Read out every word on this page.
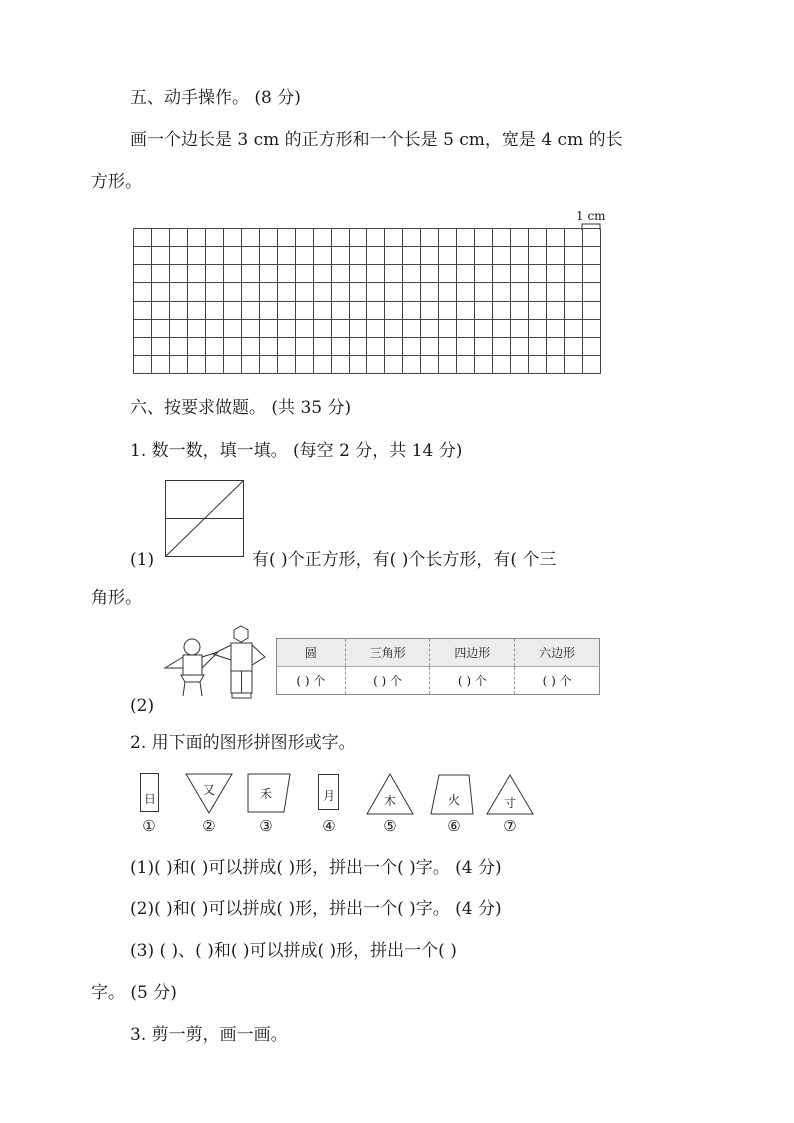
五、动手操作。 (8 分)
画一个边长是 3 cm 的正方形和一个长是 5 cm，宽是 4 cm 的长
方形。
1 cm
六、按要求做题。 (共 35 分)
1. 数一数，填一填。 (每空 2 分，共 14 分)
(1)	有( )个正方形，有( )个长方形，有( 个三
角形。
(2)
圆	三角形	四边形	六边形
( ) 个	( ) 个	( ) 个	( ) 个
2. 用下面的图形拼图形或字。
日
又	禾	月	木	火	寸
①	②	③	④	⑤	⑥	⑦
(1)( )和( )可以拼成( )形，拼出一个( )字。 (4 分)
(2)( )和( )可以拼成( )形，拼出一个( )字。 (4 分)
(3) ( )、( )和( )可以拼成( )形，拼出一个( )
字。 (5 分)
3. 剪一剪，画一画。
